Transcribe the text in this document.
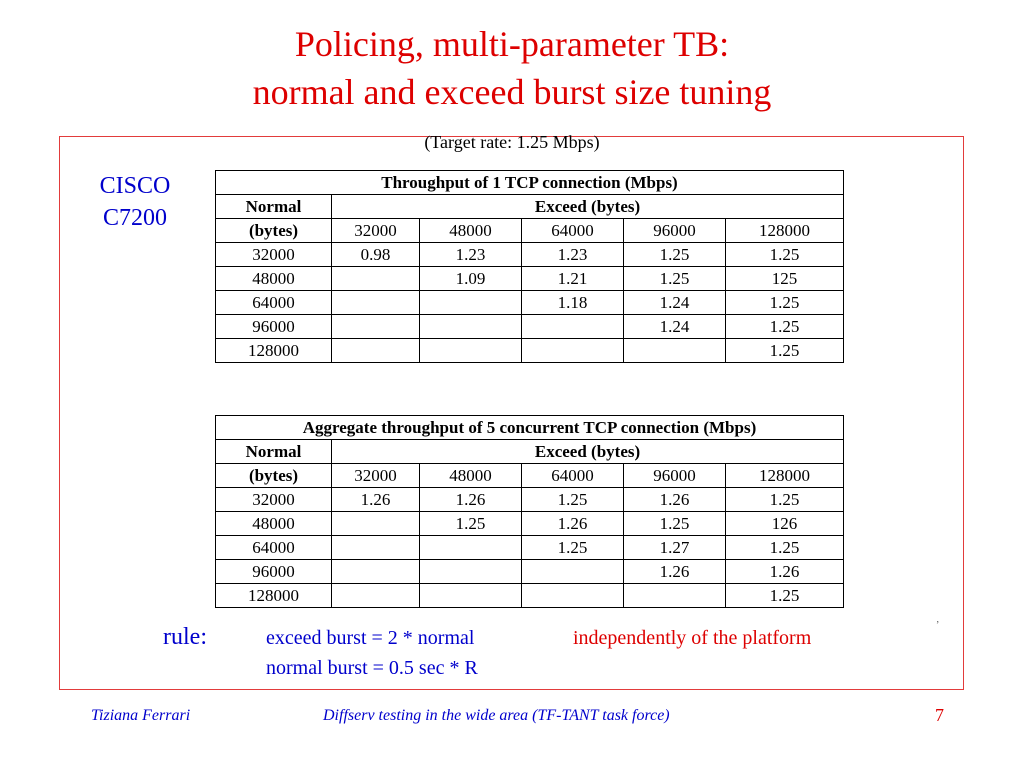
Policing, multi-parameter TB:
normal and exceed burst size tuning
(Target rate: 1.25 Mbps)
CISCO
C7200
Throughput of 1 TCP connection (Mbps)					
Normal	Exceed (bytes)				
(bytes)	32000	48000	64000	96000	128000
32000	0.98	1.23	1.23	1.25	1.25
48000		1.09	1.21	1.25	125
64000			1.18	1.24	1.25
96000				1.24	1.25
128000					1.25
Aggregate throughput of 5 concurrent TCP connection (Mbps)					
Normal	Exceed (bytes)				
(bytes)	32000	48000	64000	96000	128000
32000	1.26	1.26	1.25	1.26	1.25
48000		1.25	1.26	1.25	126
64000			1.25	1.27	1.25
96000				1.26	1.26
128000					1.25
rule:	exceed burst = 2 * normal
normal burst = 0.5 sec * R
independently of the platform
ʼ
Tiziana Ferrari	Diffserv testing in the wide area (TF-TANT task force)	7
